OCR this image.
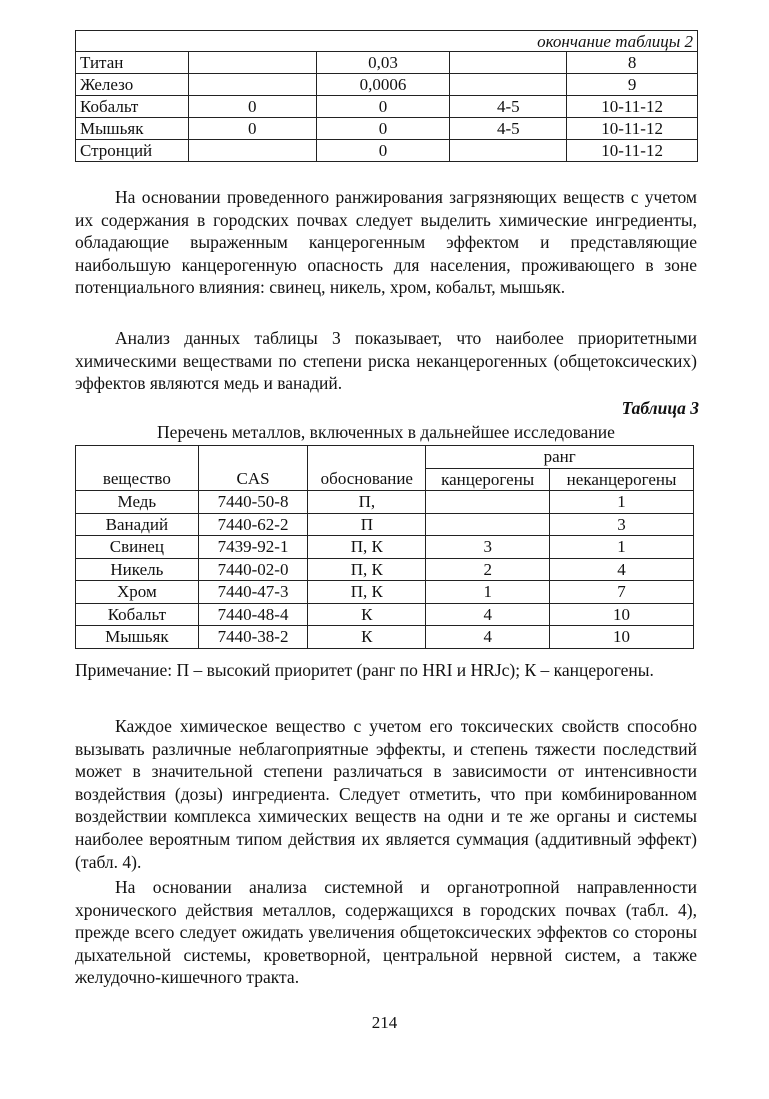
окончание таблицы 2				
Титан		0,03		8
Железо		0,0006		9
Кобальт	0	0	4-5	10-11-12
Мышьяк	0	0	4-5	10-11-12
Стронций		0		10-11-12

На основании проведенного ранжирования загрязняющих веществ с учетом их содержания в городских почвах следует выделить химические ингредиенты, обладающие выраженным канцерогенным эффектом и представляющие наибольшую канцерогенную опасность для населения, проживающего в зоне потенциального влияния: свинец, никель, хром, кобальт, мышьяк.

Анализ данных таблицы 3 показывает, что наиболее приоритетными химическими веществами по степени риска неканцерогенных (общетоксических) эффектов являются медь и ванадий.

Таблица 3
Перечень металлов, включенных в дальнейшее исследование
вещество	CAS	обоснование	ранг	
			канцерогены	неканцерогены
Медь	7440-50-8	П,		1
Ванадий	7440-62-2	П		3
Свинец	7439-92-1	П, К	3	1
Никель	7440-02-0	П, К	2	4
Хром	7440-47-3	П, К	1	7
Кобальт	7440-48-4	К	4	10
Мышьяк	7440-38-2	К	4	10

Примечание: П – высокий приоритет (ранг по HRI и HRJc); К – канцерогены.

Каждое химическое вещество с учетом его токсических свойств способно вызывать различные неблагоприятные эффекты, и степень тяжести последствий может в значительной степени различаться в зависимости от интенсивности воздействия (дозы) ингредиента. Следует отметить, что при комбинированном воздействии комплекса химических веществ на одни и те же органы и системы наиболее вероятным типом действия их является суммация (аддитивный эффект) (табл. 4).

На основании анализа системной и органотропной направленности хронического действия металлов, содержащихся в городских почвах (табл. 4), прежде всего следует ожидать увеличения общетоксических эффектов со стороны дыхательной системы, кроветворной, центральной нервной систем, а также желудочно-кишечного тракта.

214
